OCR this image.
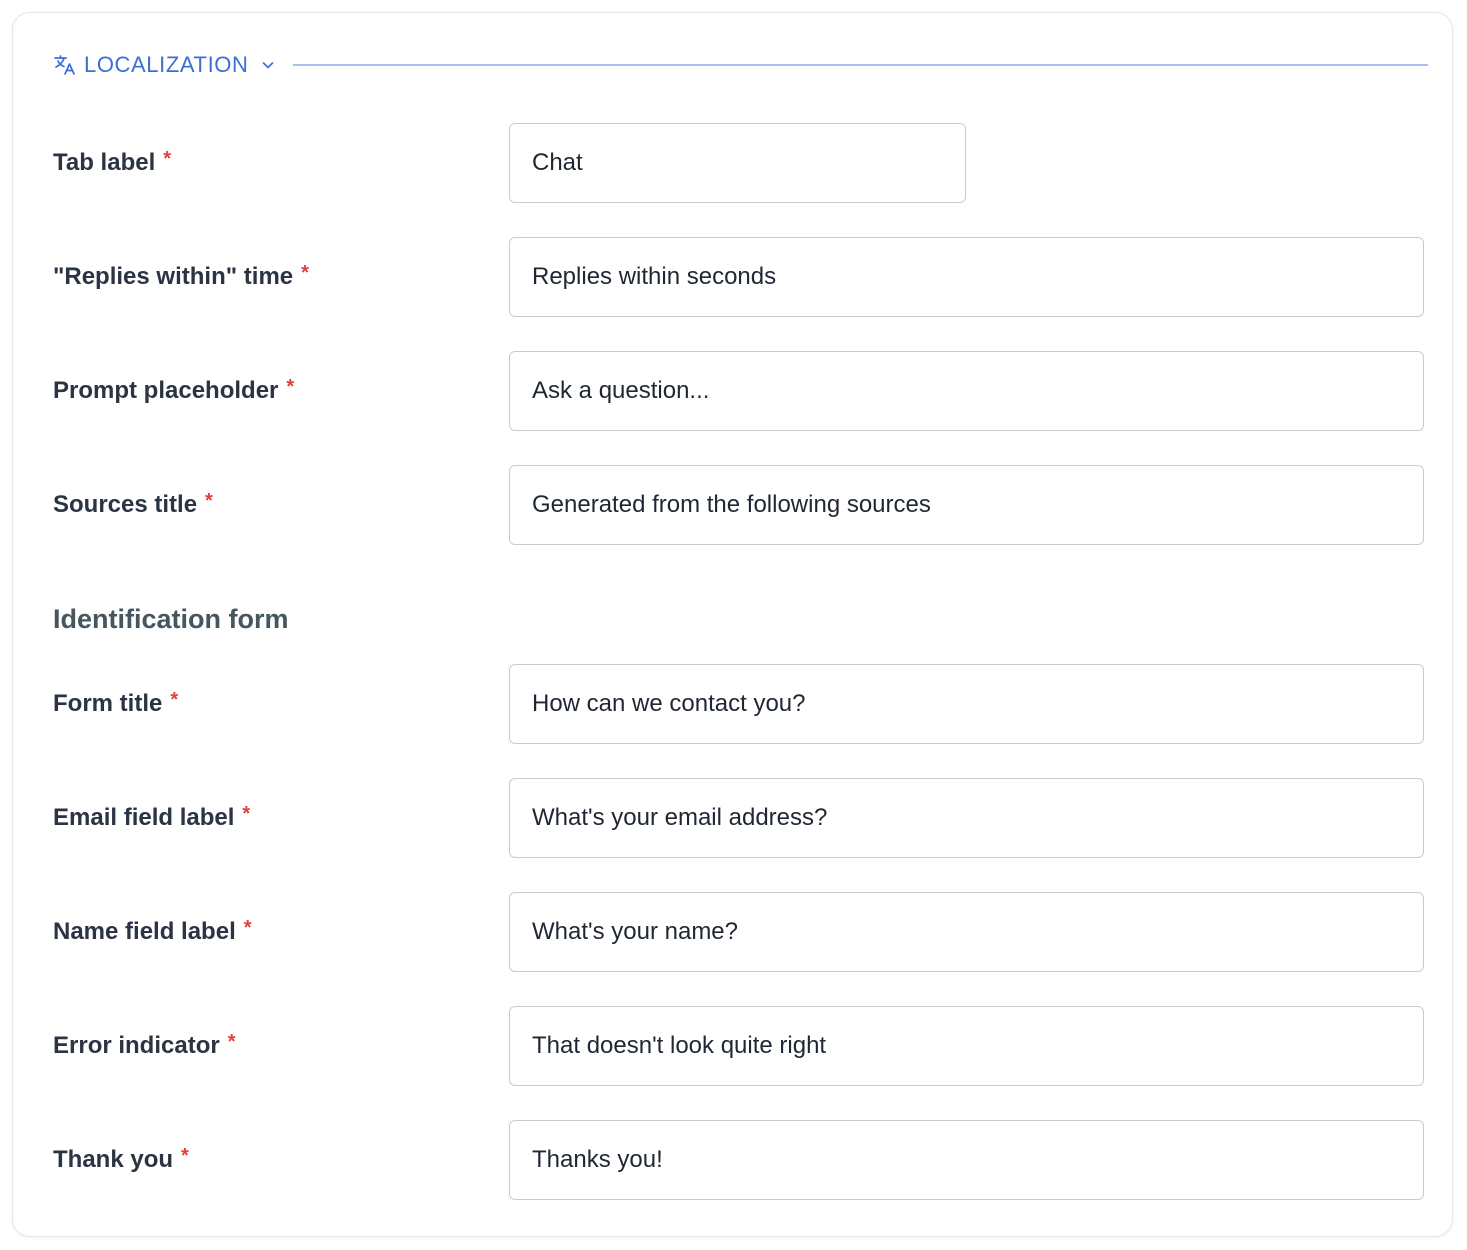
LOCALIZATION
Tab label *	Chat
"Replies within" time *	Replies within seconds
Prompt placeholder *	Ask a question...
Sources title *	Generated from the following sources
Identification form
Form title *	How can we contact you?
Email field label *	What's your email address?
Name field label *	What's your name?
Error indicator *	That doesn't look quite right
Thank you *	Thanks you!
